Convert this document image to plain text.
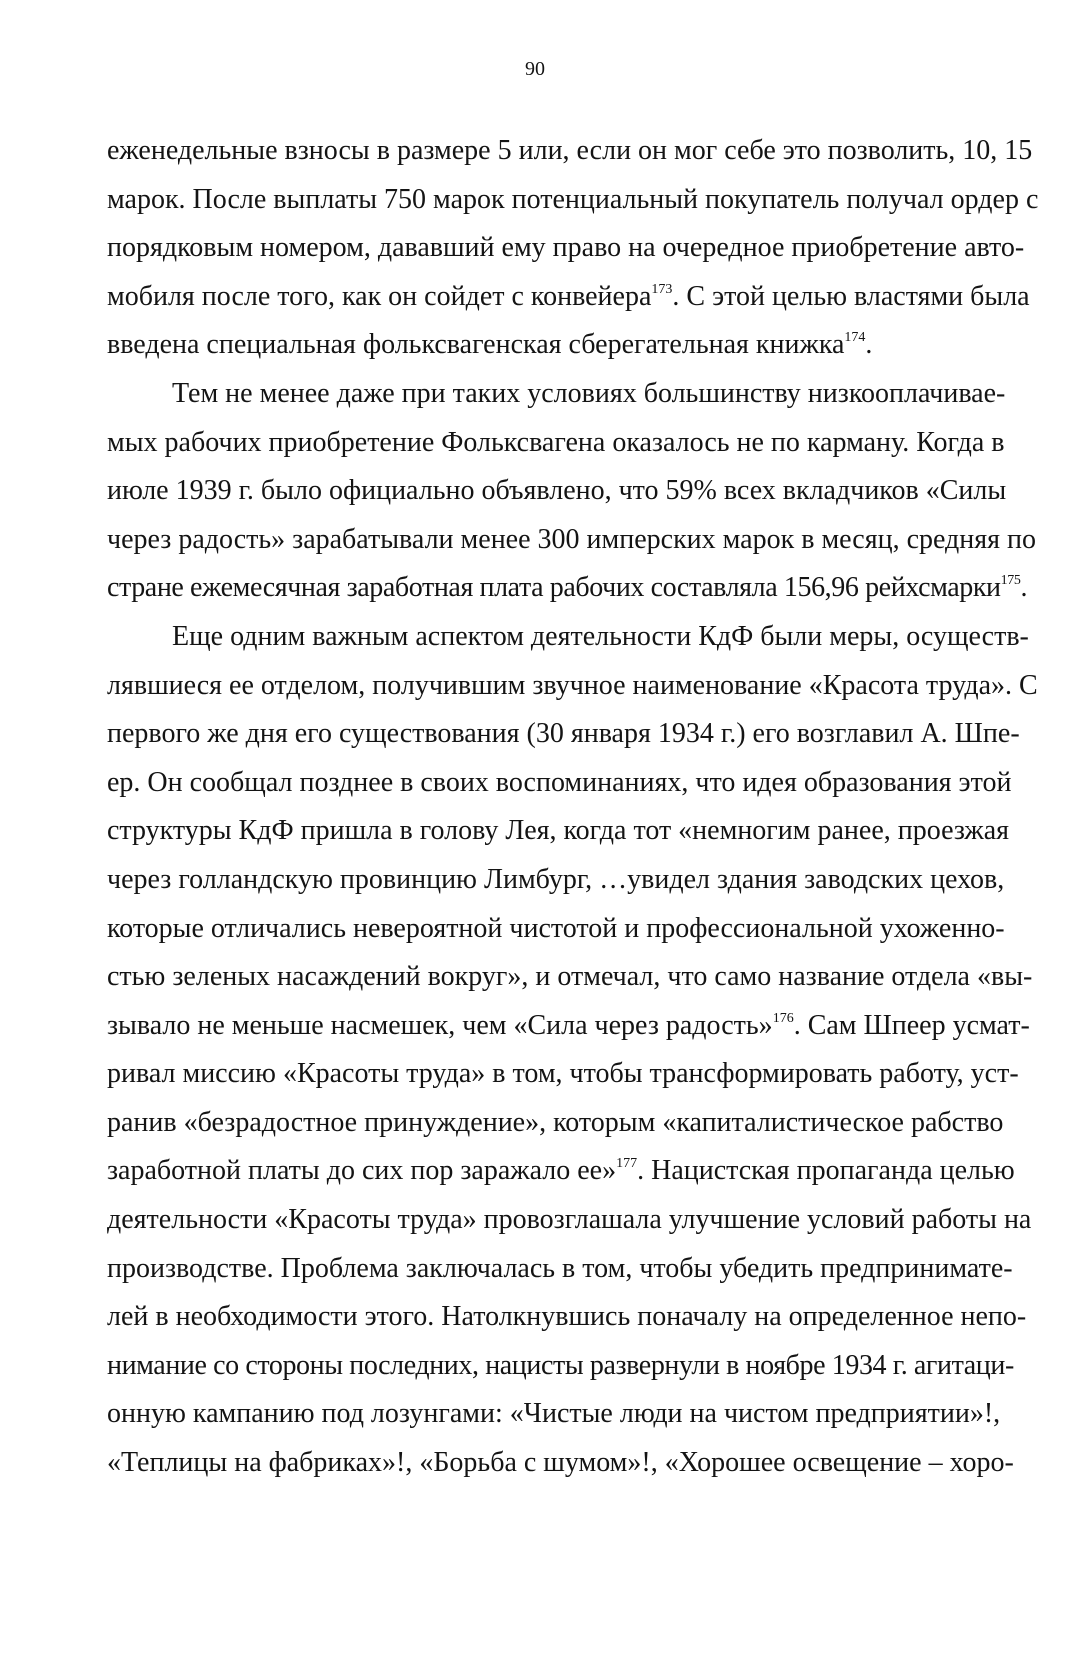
90
еженедельные взносы в размере 5 или, если он мог себе это позволить, 10, 15
марок. После выплаты 750 марок потенциальный покупатель получал ордер с
порядковым номером, дававший ему право на очередное приобретение авто-
мобиля после того, как он сойдет с конвейера$^{173}$. С этой целью властями была
введена специальная фольксвагенская сберегательная книжка$^{174}$.
Тем не менее даже при таких условиях большинству низкооплачивае-
мых рабочих приобретение Фольксвагена оказалось не по карману. Когда в
июле 1939 г. было официально объявлено, что 59% всех вкладчиков «Силы
через радость» зарабатывали менее 300 имперских марок в месяц, средняя по
стране ежемесячная заработная плата рабочих составляла 156,96 рейхсмарки$^{175}$.
Еще одним важным аспектом деятельности КдФ были меры, осуществ-
лявшиеся ее отделом, получившим звучное наименование «Красота труда». С
первого же дня его существования (30 января 1934 г.) его возглавил А. Шпе-
ер. Он сообщал позднее в своих воспоминаниях, что идея образования этой
структуры КдФ пришла в голову Лея, когда тот «немногим ранее, проезжая
через голландскую провинцию Лимбург, …увидел здания заводских цехов,
которые отличались невероятной чистотой и профессиональной ухоженно-
стью зеленых насаждений вокруг», и отмечал, что само название отдела «вы-
зывало не меньше насмешек, чем «Сила через радость»$^{176}$. Сам Шпеер усмат-
ривал миссию «Красоты труда» в том, чтобы трансформировать работу, уст-
ранив «безрадостное принуждение», которым «капиталистическое рабство
заработной платы до сих пор заражало ее»$^{177}$. Нацистская пропаганда целью
деятельности «Красоты труда» провозглашала улучшение условий работы на
производстве. Проблема заключалась в том, чтобы убедить предпринимате-
лей в необходимости этого. Натолкнувшись поначалу на определенное непо-
нимание со стороны последних, нацисты развернули в ноябре 1934 г. агитаци-
онную кампанию под лозунгами: «Чистые люди на чистом предприятии»!,
«Теплицы на фабриках»!, «Борьба с шумом»!, «Хорошее освещение – хоро-
